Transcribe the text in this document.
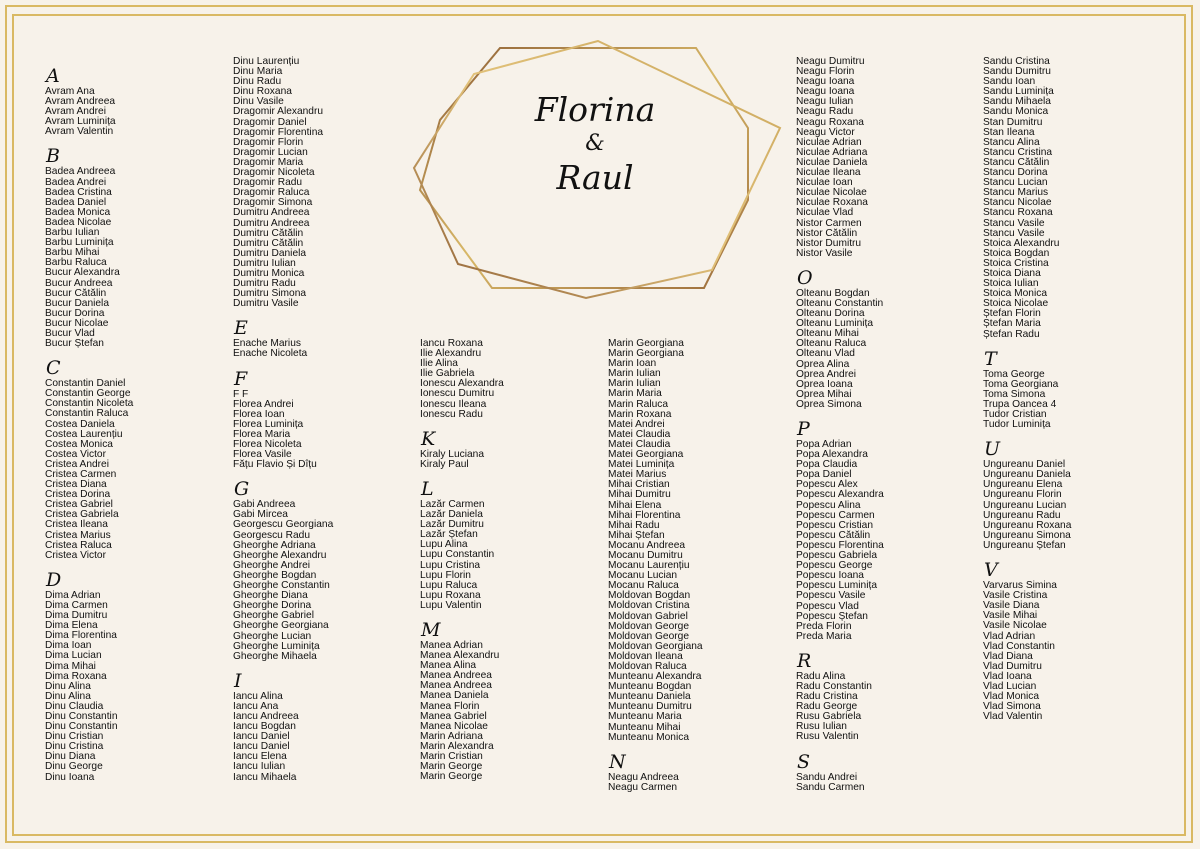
Florina
&
Raul
A
Avram Ana
Avram Andreea
Avram Andrei
Avram Luminița
Avram Valentin
B
Badea Andreea
Badea Andrei
Badea Cristina
Badea Daniel
Badea Monica
Badea Nicolae
Barbu Iulian
Barbu Luminița
Barbu Mihai
Barbu Raluca
Bucur Alexandra
Bucur Andreea
Bucur Cătălin
Bucur Daniela
Bucur Dorina
Bucur Nicolae
Bucur Vlad
Bucur Ștefan
C
Constantin Daniel
Constantin George
Constantin Nicoleta
Constantin Raluca
Costea Daniela
Costea Laurențiu
Costea Monica
Costea Victor
Cristea Andrei
Cristea Carmen
Cristea Diana
Cristea Dorina
Cristea Gabriel
Cristea Gabriela
Cristea Ileana
Cristea Marius
Cristea Raluca
Cristea Victor
D
Dima Adrian
Dima Carmen
Dima Dumitru
Dima Elena
Dima Florentina
Dima Ioan
Dima Lucian
Dima Mihai
Dima Roxana
Dinu Alina
Dinu Alina
Dinu Claudia
Dinu Constantin
Dinu Constantin
Dinu Cristian
Dinu Cristina
Dinu Diana
Dinu George
Dinu Ioana
Dinu Laurențiu
Dinu Maria
Dinu Radu
Dinu Roxana
Dinu Vasile
Dragomir Alexandru
Dragomir Daniel
Dragomir Florentina
Dragomir Florin
Dragomir Lucian
Dragomir Maria
Dragomir Nicoleta
Dragomir Radu
Dragomir Raluca
Dragomir Simona
Dumitru Andreea
Dumitru Andreea
Dumitru Cătălin
Dumitru Cătălin
Dumitru Daniela
Dumitru Iulian
Dumitru Monica
Dumitru Radu
Dumitru Simona
Dumitru Vasile
E
Enache Marius
Enache Nicoleta
F
F F
Florea Andrei
Florea Ioan
Florea Luminița
Florea Maria
Florea Nicoleta
Florea Vasile
Fățu Flavio Și Dîțu
G
Gabi Andreea
Gabi Mircea
Georgescu Georgiana
Georgescu Radu
Gheorghe Adriana
Gheorghe Alexandru
Gheorghe Andrei
Gheorghe Bogdan
Gheorghe Constantin
Gheorghe Diana
Gheorghe Dorina
Gheorghe Gabriel
Gheorghe Georgiana
Gheorghe Lucian
Gheorghe Luminița
Gheorghe Mihaela
I
Iancu Alina
Iancu Ana
Iancu Andreea
Iancu Bogdan
Iancu Daniel
Iancu Daniel
Iancu Elena
Iancu Iulian
Iancu Mihaela
Iancu Roxana
Ilie Alexandru
Ilie Alina
Ilie Gabriela
Ionescu Alexandra
Ionescu Dumitru
Ionescu Ileana
Ionescu Radu
K
Kiraly Luciana
Kiraly Paul
L
Lazăr Carmen
Lazăr Daniela
Lazăr Dumitru
Lazăr Ștefan
Lupu Alina
Lupu Constantin
Lupu Cristina
Lupu Florin
Lupu Raluca
Lupu Roxana
Lupu Valentin
M
Manea Adrian
Manea Alexandru
Manea Alina
Manea Andreea
Manea Andreea
Manea Daniela
Manea Florin
Manea Gabriel
Manea Nicolae
Marin Adriana
Marin Alexandra
Marin Cristian
Marin George
Marin George
Marin Georgiana
Marin Georgiana
Marin Ioan
Marin Iulian
Marin Iulian
Marin Maria
Marin Raluca
Marin Roxana
Matei Andrei
Matei Claudia
Matei Claudia
Matei Georgiana
Matei Luminița
Matei Marius
Mihai Cristian
Mihai Dumitru
Mihai Elena
Mihai Florentina
Mihai Radu
Mihai Ștefan
Mocanu Andreea
Mocanu Dumitru
Mocanu Laurențiu
Mocanu Lucian
Mocanu Raluca
Moldovan Bogdan
Moldovan Cristina
Moldovan Gabriel
Moldovan George
Moldovan George
Moldovan Georgiana
Moldovan Ileana
Moldovan Raluca
Munteanu Alexandra
Munteanu Bogdan
Munteanu Daniela
Munteanu Dumitru
Munteanu Maria
Munteanu Mihai
Munteanu Monica
N
Neagu Andreea
Neagu Carmen
Neagu Dumitru
Neagu Florin
Neagu Ioana
Neagu Ioana
Neagu Iulian
Neagu Radu
Neagu Roxana
Neagu Victor
Niculae Adrian
Niculae Adriana
Niculae Daniela
Niculae Ileana
Niculae Ioan
Niculae Nicolae
Niculae Roxana
Niculae Vlad
Nistor Carmen
Nistor Cătălin
Nistor Dumitru
Nistor Vasile
O
Olteanu Bogdan
Olteanu Constantin
Olteanu Dorina
Olteanu Luminița
Olteanu Mihai
Olteanu Raluca
Olteanu Vlad
Oprea Alina
Oprea Andrei
Oprea Ioana
Oprea Mihai
Oprea Simona
P
Popa Adrian
Popa Alexandra
Popa Claudia
Popa Daniel
Popescu Alex
Popescu Alexandra
Popescu Alina
Popescu Carmen
Popescu Cristian
Popescu Cătălin
Popescu Florentina
Popescu Gabriela
Popescu George
Popescu Ioana
Popescu Luminița
Popescu Vasile
Popescu Vlad
Popescu Ștefan
Preda Florin
Preda Maria
R
Radu Alina
Radu Constantin
Radu Cristina
Radu George
Rusu Gabriela
Rusu Iulian
Rusu Valentin
S
Sandu Andrei
Sandu Carmen
Sandu Cristina
Sandu Dumitru
Sandu Ioan
Sandu Luminița
Sandu Mihaela
Sandu Monica
Stan Dumitru
Stan Ileana
Stancu Alina
Stancu Cristina
Stancu Cătălin
Stancu Dorina
Stancu Lucian
Stancu Marius
Stancu Nicolae
Stancu Roxana
Stancu Vasile
Stancu Vasile
Stoica Alexandru
Stoica Bogdan
Stoica Cristina
Stoica Diana
Stoica Iulian
Stoica Monica
Stoica Nicolae
Ștefan Florin
Ștefan Maria
Ștefan Radu
T
Toma George
Toma Georgiana
Toma Simona
Trupa Oancea 4
Tudor Cristian
Tudor Luminița
U
Ungureanu Daniel
Ungureanu Daniela
Ungureanu Elena
Ungureanu Florin
Ungureanu Lucian
Ungureanu Radu
Ungureanu Roxana
Ungureanu Simona
Ungureanu Ștefan
V
Varvarus Simina
Vasile Cristina
Vasile Diana
Vasile Mihai
Vasile Nicolae
Vlad Adrian
Vlad Constantin
Vlad Diana
Vlad Dumitru
Vlad Ioana
Vlad Lucian
Vlad Monica
Vlad Simona
Vlad Valentin
